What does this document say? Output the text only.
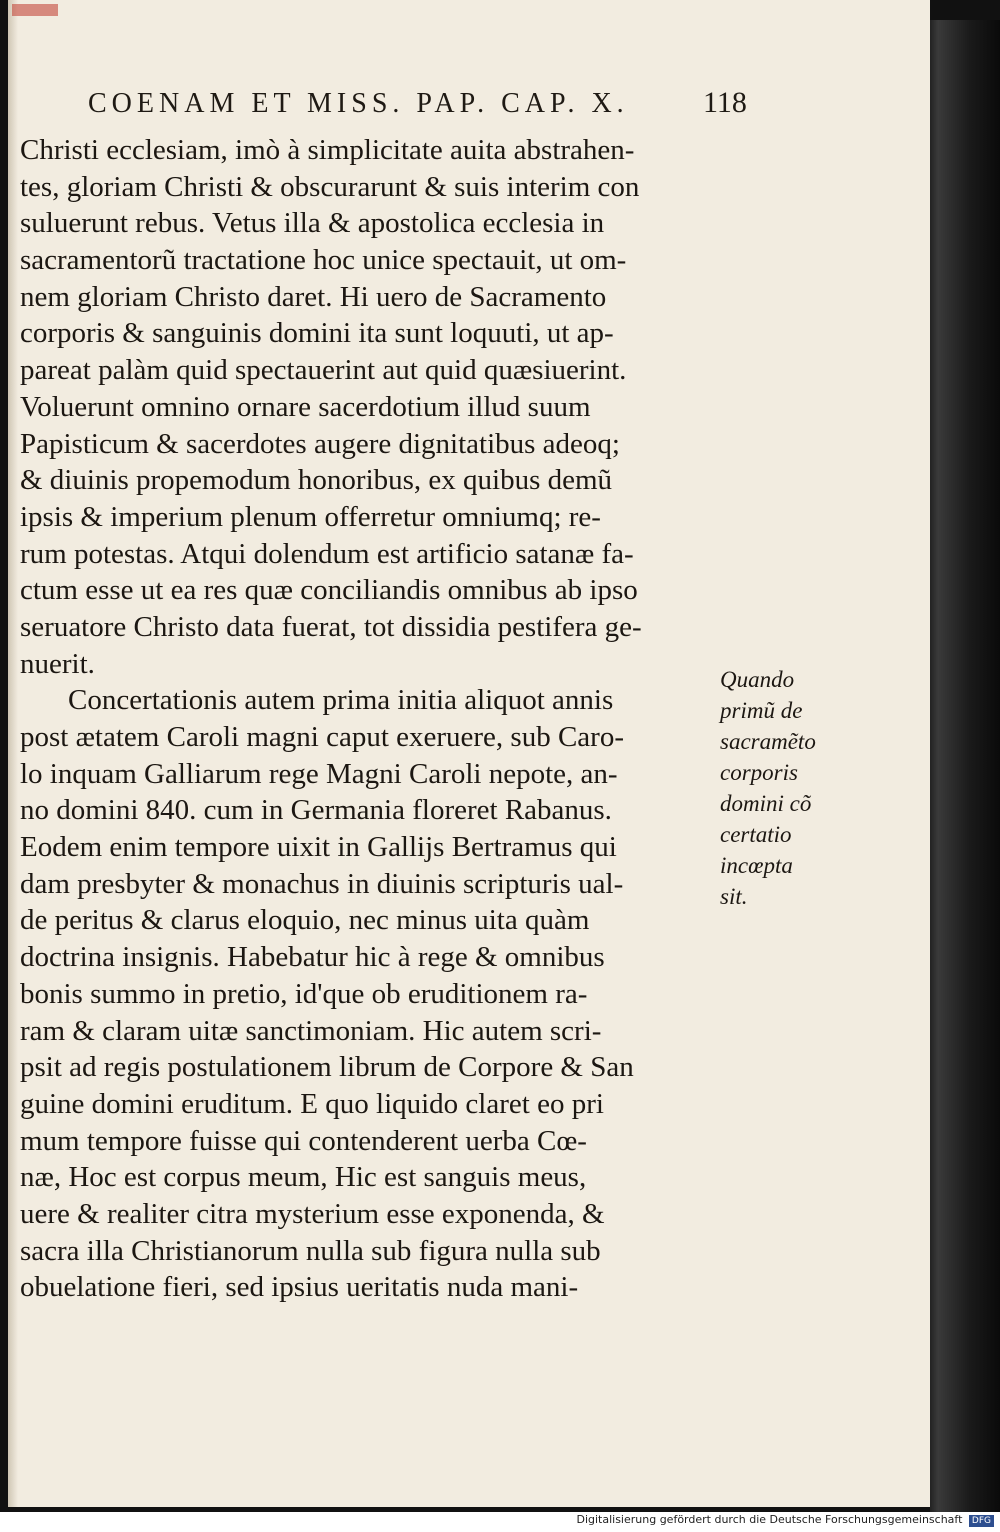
COENAM ET MISS. PAP. CAP. X.	118
Christi ecclesiam, imò à simplicitate auita abstrahen-
tes, gloriam Christi & obscurarunt & suis interim con
suluerunt rebus. Vetus illa & apostolica ecclesia in
sacramentorũ tractatione hoc unice spectauit, ut om-
nem gloriam Christo daret. Hi uero de Sacramento
corporis & sanguinis domini ita sunt loquuti, ut ap-
pareat palàm quid spectauerint aut quid quæsiuerint.
Voluerunt omnino ornare sacerdotium illud suum
Papisticum & sacerdotes augere dignitatibus adeoq;
& diuinis propemodum honoribus, ex quibus demũ
ipsis & imperium plenum offerretur omniumq; re-
rum potestas. Atqui dolendum est artificio satanæ fa-
ctum esse ut ea res quæ conciliandis omnibus ab ipso
seruatore Christo data fuerat, tot dissidia pestifera ge-
nuerit.
Concertationis autem prima initia aliquot annis
post ætatem Caroli magni caput exeruere, sub Caro-
lo inquam Galliarum rege Magni Caroli nepote, an-
no domini 840. cum in Germania floreret Rabanus.
Eodem enim tempore uixit in Gallijs Bertramus qui
dam presbyter & monachus in diuinis scripturis ual-
de peritus & clarus eloquio, nec minus uita quàm
doctrina insignis. Habebatur hic à rege & omnibus
bonis summo in pretio, id'que ob eruditionem ra-
ram & claram uitæ sanctimoniam. Hic autem scri-
psit ad regis postulationem librum de Corpore & San
guine domini eruditum. E quo liquido claret eo pri
mum tempore fuisse qui contenderent uerba Cœ-
næ, Hoc est corpus meum, Hic est sanguis meus,
uere & realiter citra mysterium esse exponenda, &
sacra illa Christianorum nulla sub figura nulla sub
obuelatione fieri, sed ipsius ueritatis nuda mani-
Quando
primũ de
sacramẽto
corporis
domini cõ
certatio
incœpta
sit.
Digitalisierung gefördert durch die Deutsche Forschungsgemeinschaft DFG
